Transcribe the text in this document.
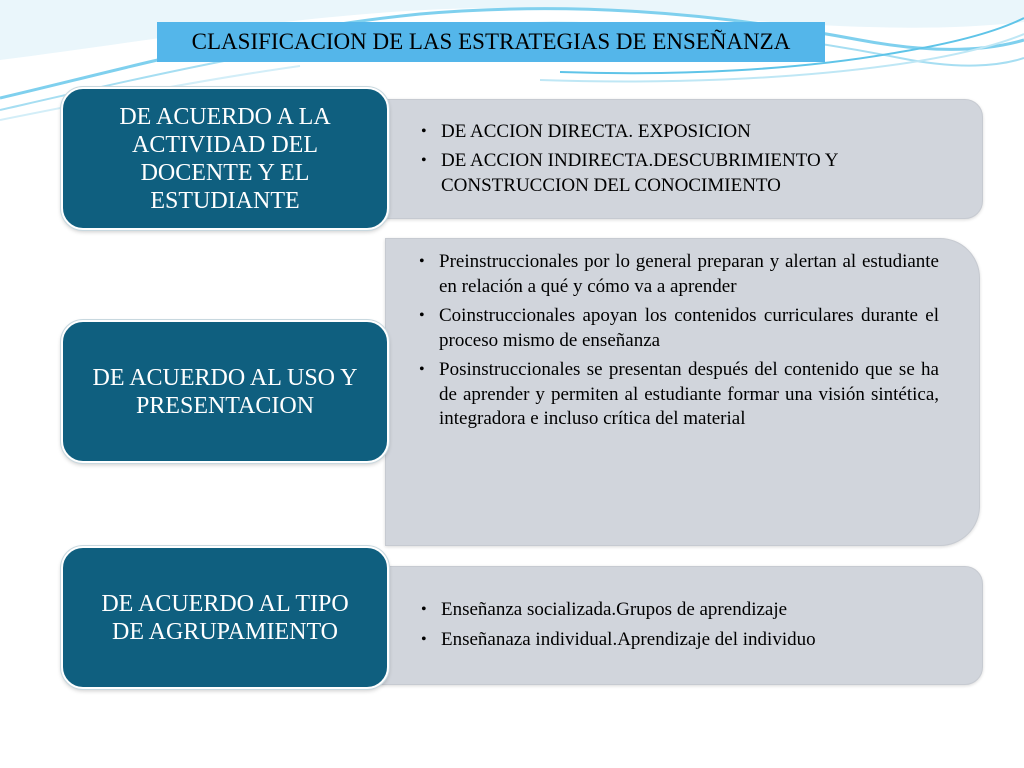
CLASIFICACION DE LAS ESTRATEGIAS DE ENSEÑANZA
• DE ACCION DIRECTA. EXPOSICION
• DE ACCION INDIRECTA.DESCUBRIMIENTO Y CONSTRUCCION DEL CONOCIMIENTO
• Preinstruccionales por lo general preparan y alertan al estudiante en relación a qué y cómo va a aprender
• Coinstruccionales apoyan los contenidos curriculares durante el proceso mismo de enseñanza
• Posinstruccionales se presentan después del contenido que se ha de aprender y permiten al estudiante formar una visión sintética, integradora e incluso crítica del material
• Enseñanza socializada.Grupos de aprendizaje
• Enseñanaza individual.Aprendizaje del individuo
DE ACUERDO A LA ACTIVIDAD DEL DOCENTE Y EL ESTUDIANTE
DE ACUERDO AL USO Y PRESENTACION
DE ACUERDO AL TIPO DE AGRUPAMIENTO
